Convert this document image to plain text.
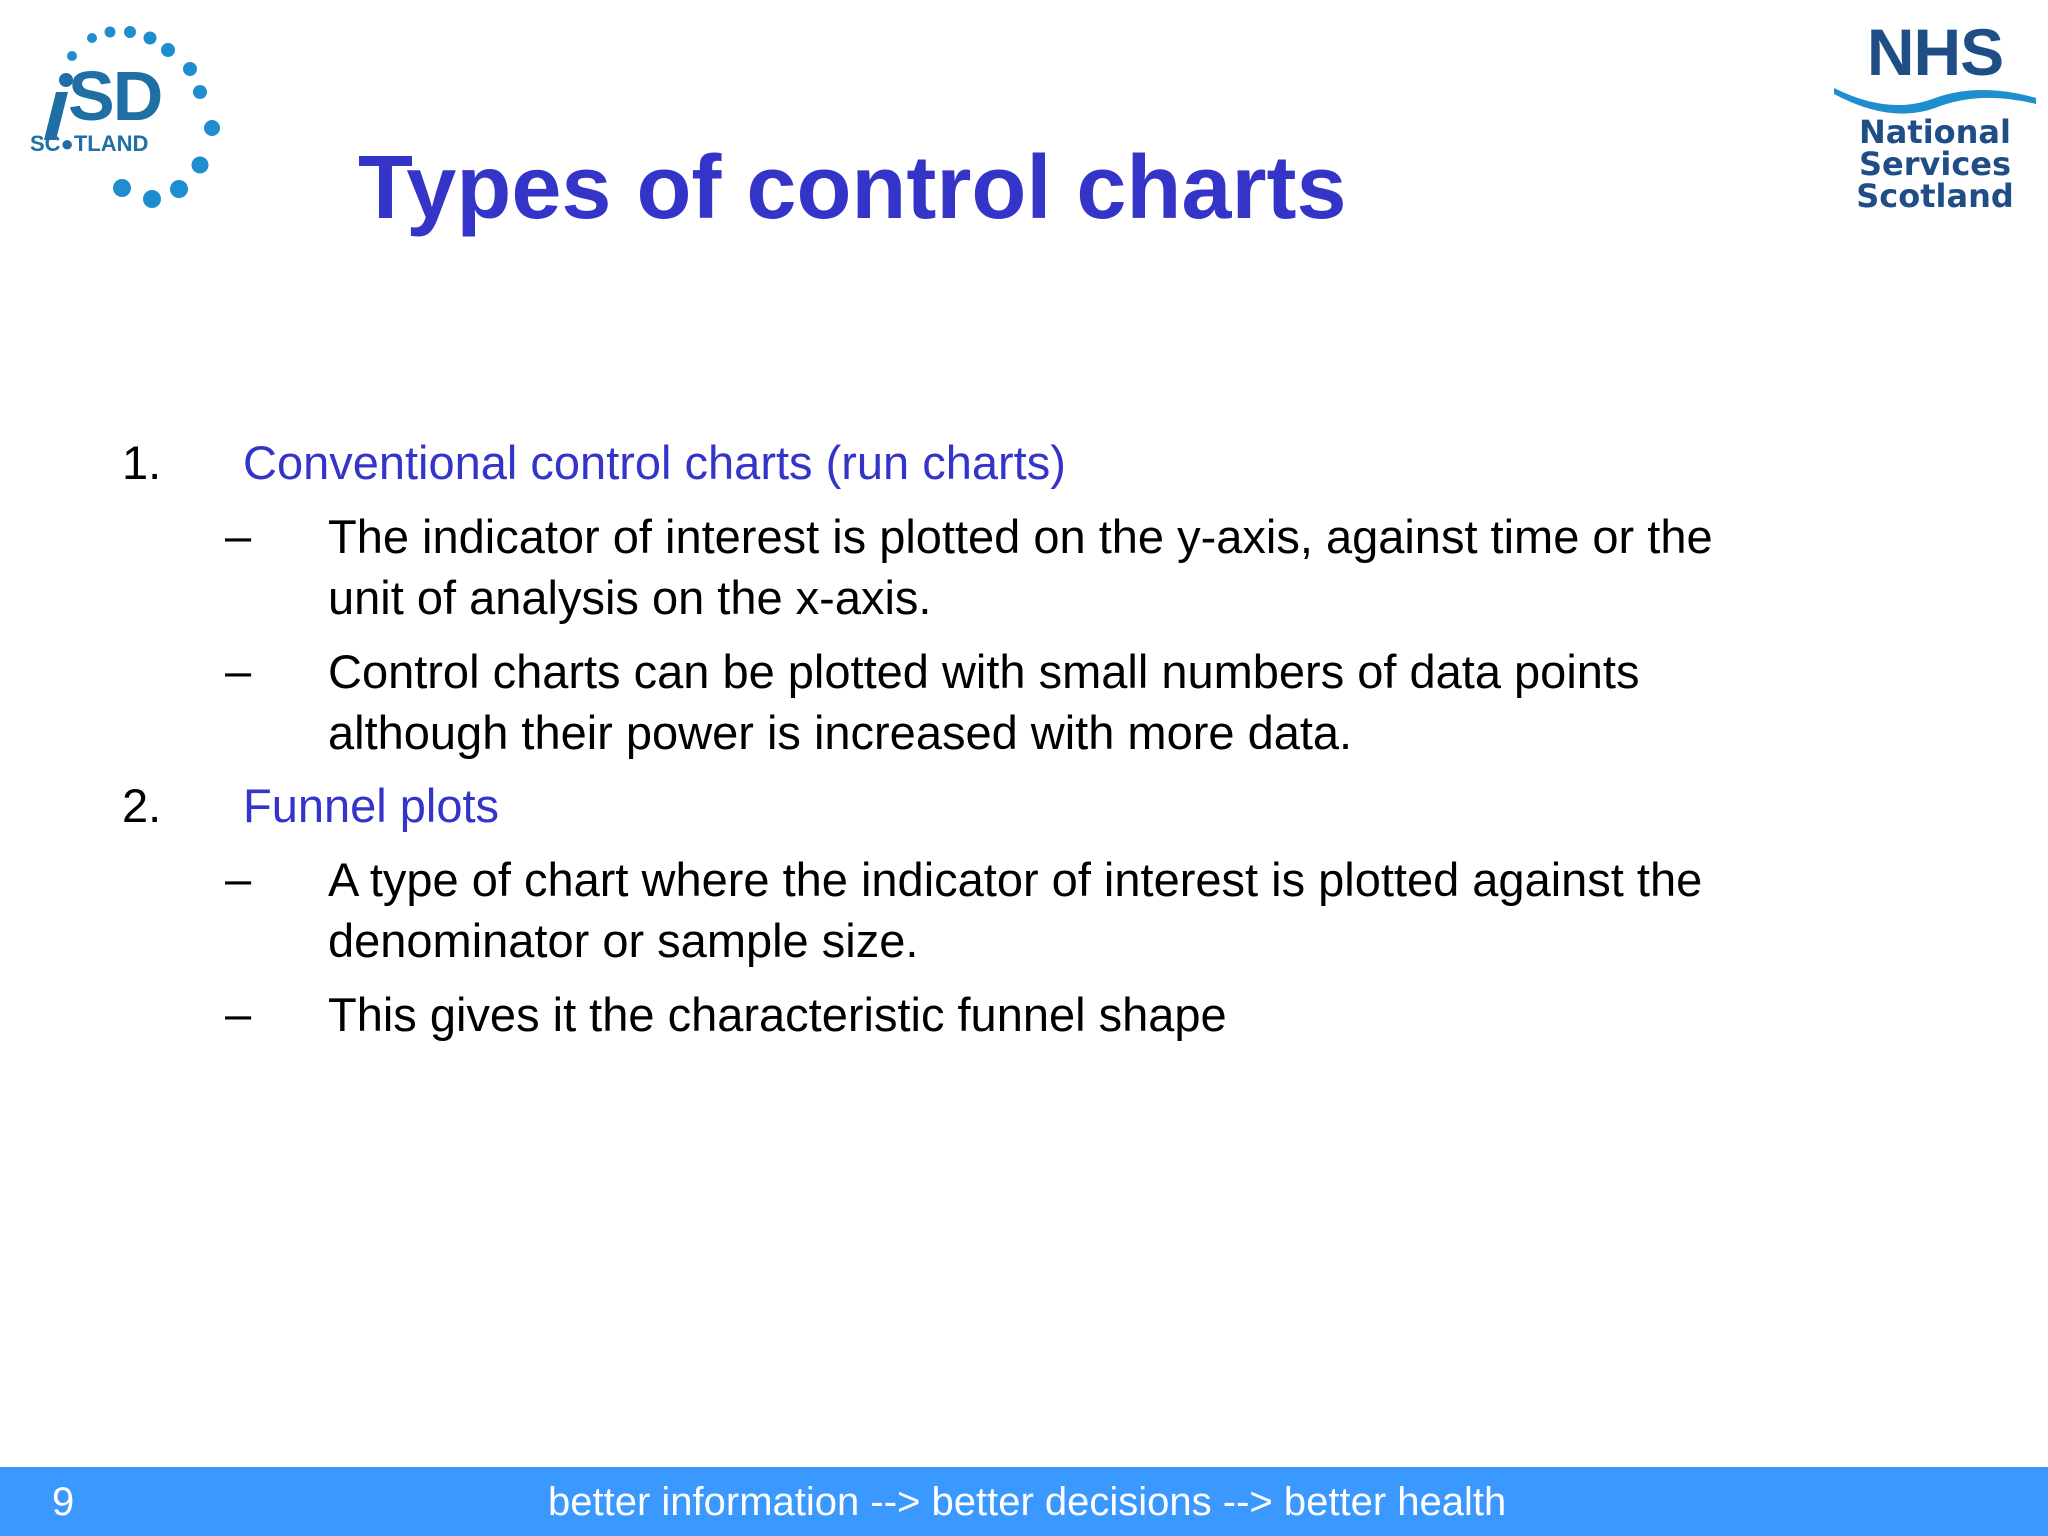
SD
SC●TLAND
NHS
National
Services
Scotland
Types of control charts
1. Conventional control charts (run charts)
– The indicator of interest is plotted on the y-axis, against time or the
unit of analysis on the x-axis.
– Control charts can be plotted with small numbers of data points
although their power is increased with more data.
2. Funnel plots
– A type of chart where the indicator of interest is plotted against the
denominator or sample size.
– This gives it the characteristic funnel shape
9	better information --> better decisions --> better health
